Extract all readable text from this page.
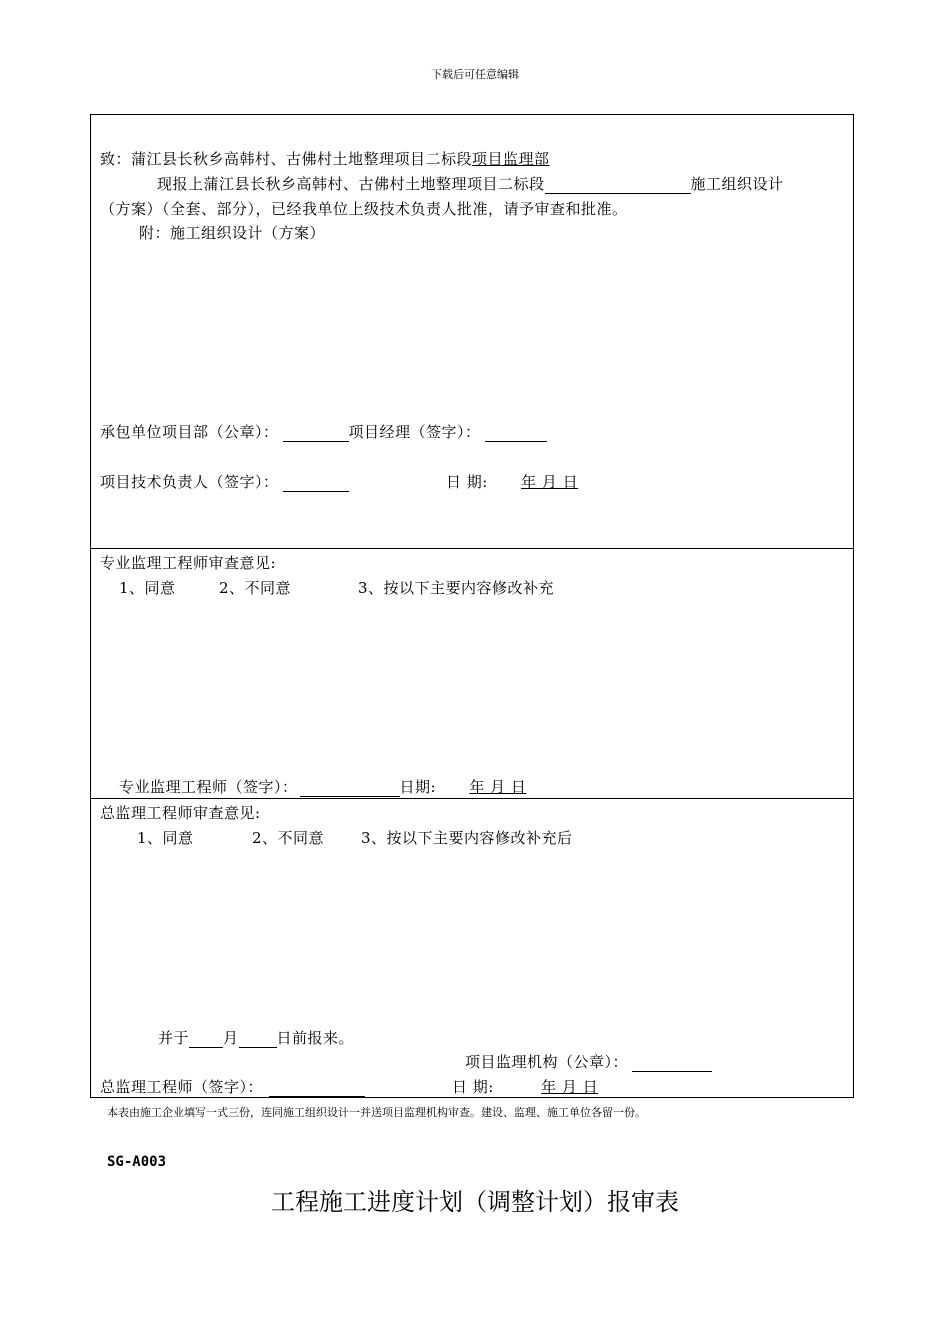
下载后可任意编辑
致：蒲江县长秋乡高韩村、古佛村土地整理项目二标段项目监理部
现报上蒲江县长秋乡高韩村、古佛村土地整理项目二标段	施工组织设计
（方案）（全套、部分），已经我单位上级技术负责人批准，请予审查和批准。
附：施工组织设计（方案）
承包单位项目部（公章）：	项目经理（签字）：
项目技术负责人（签字）：	日 期: 年 月 日
专业监理工程师审查意见:
1、同意	2、不同意	3、按以下主要内容修改补充
专业监理工程师（签字）：	日期: 年 月 日
总监理工程师审查意见:
1、同意	2、不同意 3、按以下主要内容修改补充后
并于 月	日前报来。
项目监理机构（公章）：
总监理工程师（签字）：	日 期:	年 月 日
本表由施工企业填写一式三份，连同施工组织设计一并送项目监理机构审查。建设、监理、施工单位各留一份。
SG-A003
工程施工进度计划（调整计划）报审表
